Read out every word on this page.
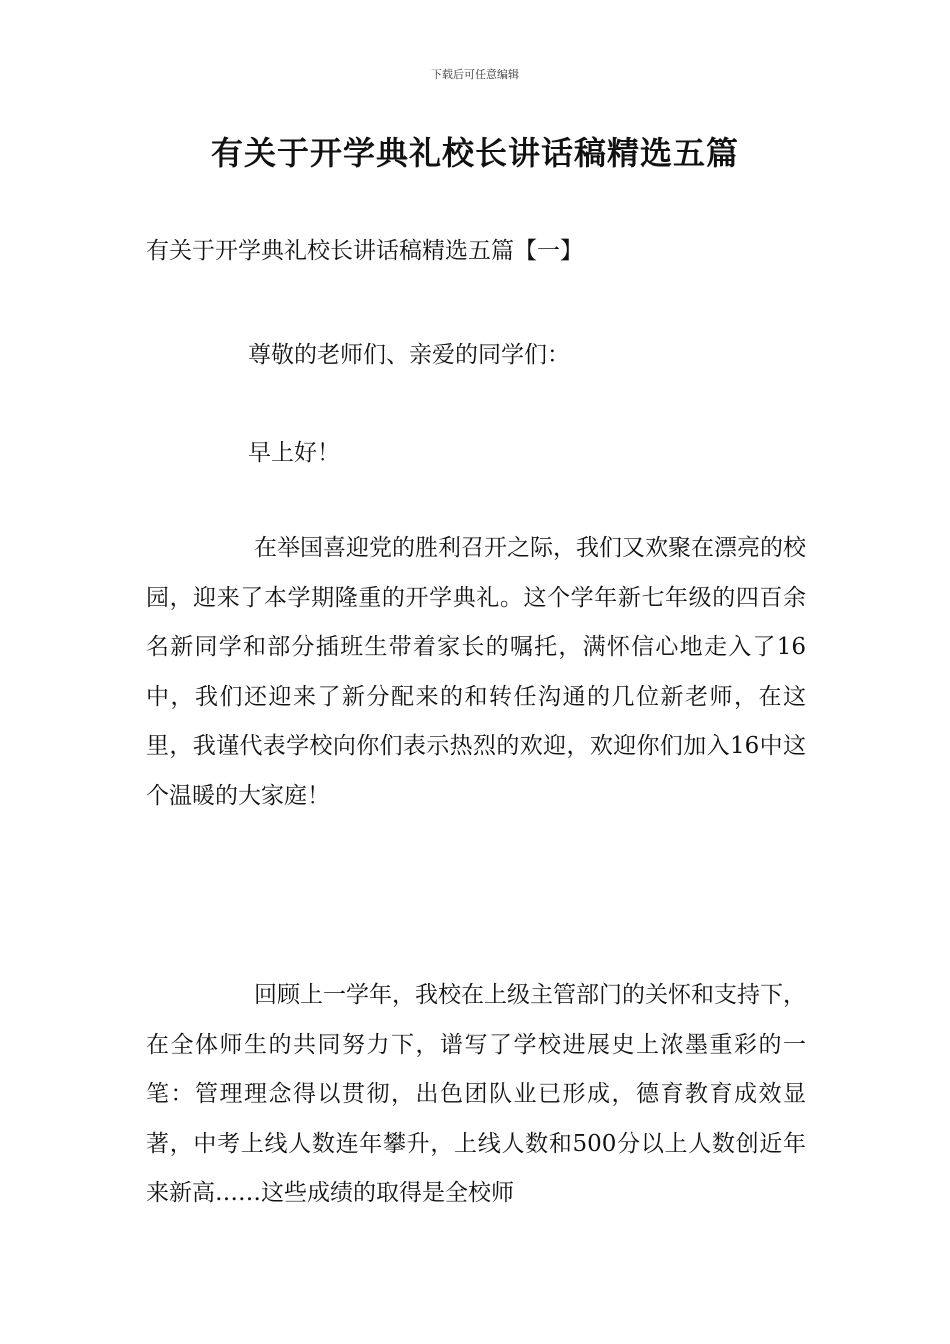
下载后可任意编辑
有关于开学典礼校长讲话稿精选五篇
有关于开学典礼校长讲话稿精选五篇【一】
尊敬的老师们、亲爱的同学们：
早上好！

在举国喜迎党的胜利召开之际，我们又欢聚在漂亮的校园，迎来了本学期隆重的开学典礼。这个学年新七年级的四百余名新同学和部分插班生带着家长的嘱托，满怀信心地走入了16中，我们还迎来了新分配来的和转任沟通的几位新老师，在这里，我谨代表学校向你们表示热烈的欢迎，欢迎你们加入16中这个温暖的大家庭！

回顾上一学年，我校在上级主管部门的关怀和支持下，在全体师生的共同努力下，谱写了学校进展史上浓墨重彩的一笔：管理理念得以贯彻，出色团队业已形成，德育教育成效显著，中考上线人数连年攀升，上线人数和500分以上人数创近年来新高……这些成绩的取得是全校师
